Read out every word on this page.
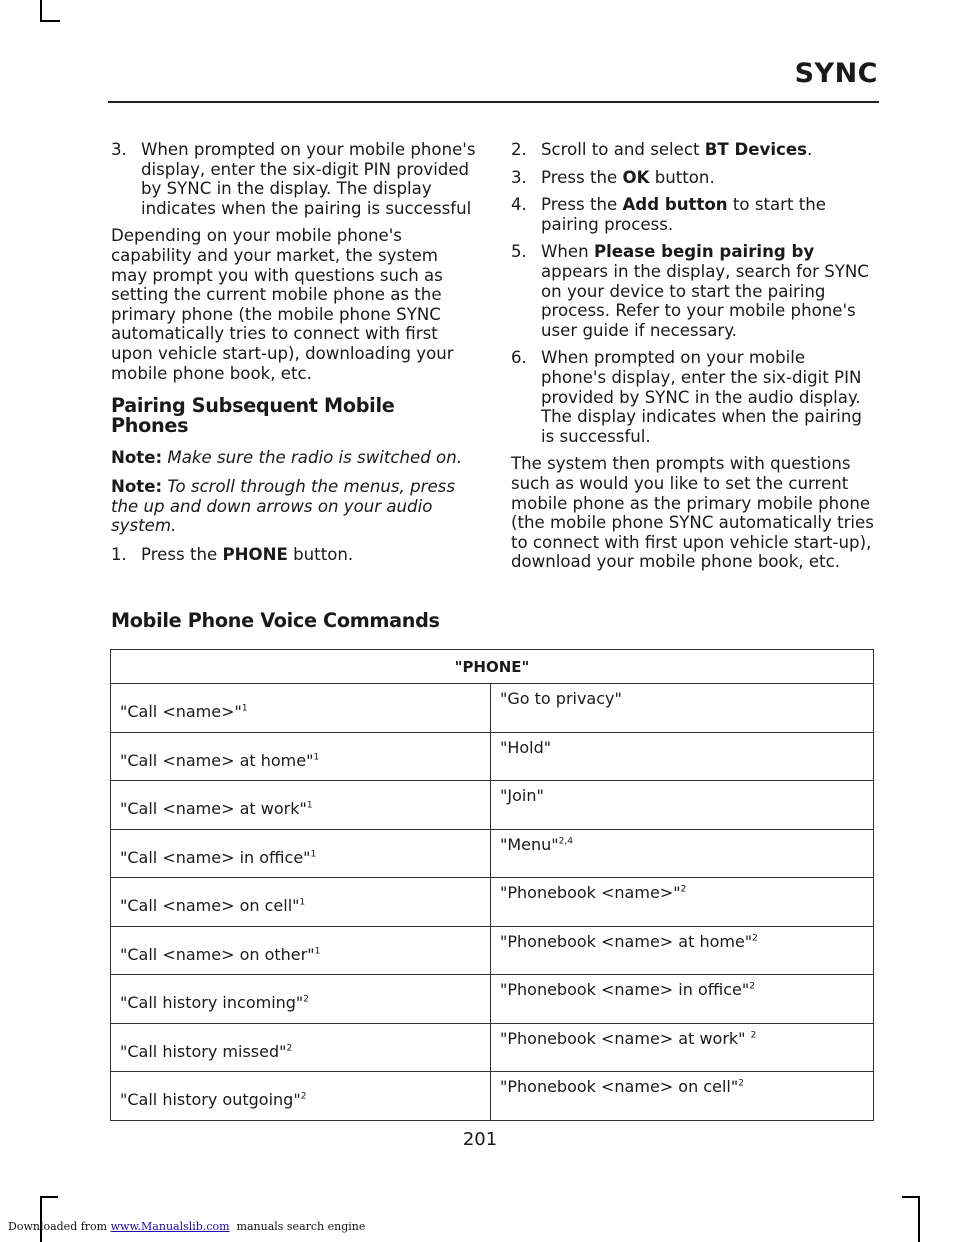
SYNC
3. When prompted on your mobile phone's display, enter the six-digit PIN provided by SYNC in the display. The display indicates when the pairing is successful

Depending on your mobile phone's capability and your market, the system may prompt you with questions such as setting the current mobile phone as the primary phone (the mobile phone SYNC automatically tries to connect with first upon vehicle start-up), downloading your mobile phone book, etc.

Pairing Subsequent Mobile Phones

Note: Make sure the radio is switched on.

Note: To scroll through the menus, press the up and down arrows on your audio system.

1. Press the PHONE button.
2. Scroll to and select BT Devices.
3. Press the OK button.
4. Press the Add button to start the pairing process.
5. When Please begin pairing by appears in the display, search for SYNC on your device to start the pairing process. Refer to your mobile phone's user guide if necessary.
6. When prompted on your mobile phone's display, enter the six-digit PIN provided by SYNC in the audio display. The display indicates when the pairing is successful.

The system then prompts with questions such as would you like to set the current mobile phone as the primary mobile phone (the mobile phone SYNC automatically tries to connect with first upon vehicle start-up), download your mobile phone book, etc.

Mobile Phone Voice Commands
"PHONE"	
"Call <name>"$^1$	"Go to privacy"
"Call <name> at home"$^1$	"Hold"
"Call <name> at work"$^1$	"Join"
"Call <name> in office"$^1$	"Menu"$^{2,4}$
"Call <name> on cell"$^1$	"Phonebook <name>"$^2$
"Call <name> on other"$^1$	"Phonebook <name> at home"$^2$
"Call history incoming"$^2$	"Phonebook <name> in office"$^2$
"Call history missed"$^2$	"Phonebook <name> at work" $^2$
"Call history outgoing"$^2$	"Phonebook <name> on cell"$^2$
201
Downloaded from www.Manualslib.com  manuals search engine
